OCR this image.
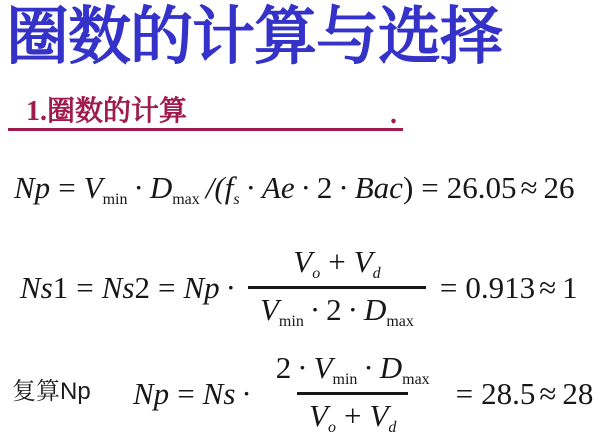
圈数的计算与选择
1.圈数的计算	.
Np = Vmin · Dmax /(fs · Ae · 2 · Bac) = 26.05 ≈ 26
$Ns1 = Ns2 = Np \cdot \frac{Vo + Vd}{Vmin \cdot 2 \cdot Dmax} = 0.913 \approx 1$
复算Np $Np = Ns \cdot \frac{2 \cdot Vmin \cdot Dmax}{Vo + Vd} = 28.5 \approx 28$
